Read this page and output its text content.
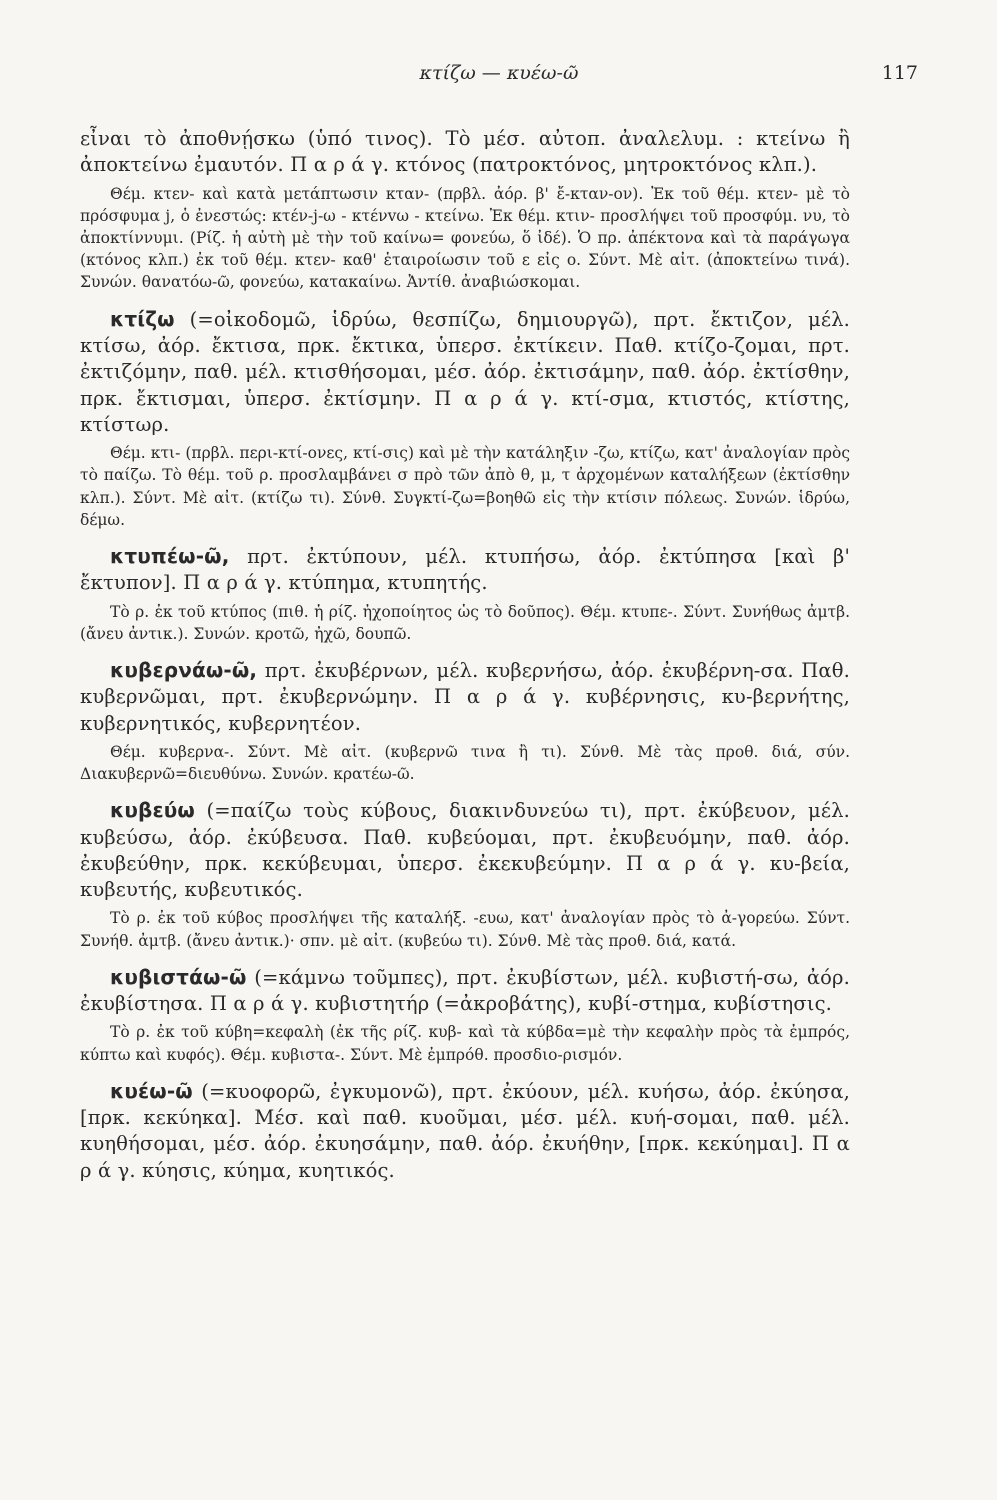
κτίζω — κυέω-ῶ	117

εἶναι τὸ ἀποθνῄσκω (ὑπό τινος). Τὸ μέσ. αὐτοπ. ἀναλελυμ. : κτείνω ἢ ἀποκτείνω ἐμαυτόν. Π α ρ ά γ. κτόνος (πατροκτόνος, μητροκτόνος κλπ.).

Θέμ. κτεν- καὶ κατὰ μετάπτωσιν κταν- (πρβλ. ἀόρ. β' ἔ-κταν-ον). Ἐκ τοῦ θέμ. κτεν- μὲ τὸ πρόσφυμα j, ὁ ἐνεστώς: κτέν-j-ω - κτένvω - κτείνω. Ἐκ θέμ. κτιν- προσλήψει τοῦ προσφύμ. νυ, τὸ ἀποκτίννυμι. (Ρίζ. ἡ αὐτὴ μὲ τὴν τοῦ καίνω= φονεύω, ὅ ἰδέ). Ὁ πρ. ἀπέκτονα καὶ τὰ παράγωγα (κτόνος κλπ.) ἐκ τοῦ θέμ. κτεν- καθ' ἑταιροίωσιν τοῦ ε εἰς ο. Σύντ. Μὲ αἰτ. (ἀποκτείνω τινά). Συνών. θανατόω-ῶ, φονεύω, κατακαίνω. Ἀντίθ. ἀναβιώσκομαι.

κτίζω (=οἰκοδομῶ, ἱδρύω, θεσπίζω, δημιουργῶ), πρτ. ἔκτιζον, μέλ. κτίσω, ἀόρ. ἔκτισα, πρκ. ἔκτικα, ὑπερσ. ἐκτίκειν. Παθ. κτίζο-ζομαι, πρτ. ἐκτιζόμην, παθ. μέλ. κτισθήσομαι, μέσ. ἀόρ. ἐκτισάμην, παθ. ἀόρ. ἐκτίσθην, πρκ. ἔκτισμαι, ὑπερσ. ἐκτίσμην. Π α ρ ά γ. κτί-σμα, κτιστός, κτίστης, κτίστωρ.

Θέμ. κτι- (πρβλ. περι-κτί-ονες, κτί-σις) καὶ μὲ τὴν κατάληξιν -ζω, κτίζω, κατ' ἀναλογίαν πρὸς τὸ παίζω. Τὸ θέμ. τοῦ ρ. προσλαμβάνει σ πρὸ τῶν ἀπὸ θ, μ, τ ἀρχομένων καταλήξεων (ἐκτίσθην κλπ.). Σύντ. Μὲ αἰτ. (κτίζω τι). Σύνθ. Συγκτί-ζω=βοηθῶ εἰς τὴν κτίσιν πόλεως. Συνών. ἱδρύω, δέμω.

κτυπέω-ῶ, πρτ. ἐκτύπουν, μέλ. κτυπήσω, ἀόρ. ἐκτύπησα [καὶ β' ἔκτυπον]. Π α ρ ά γ. κτύπημα, κτυπητής.

Τὸ ρ. ἐκ τοῦ κτύπος (πιθ. ἡ ρίζ. ἠχοποίητος ὡς τὸ δοῦπος). Θέμ. κτυπε-. Σύντ. Συνήθως ἀμτβ. (ἄνευ ἀντικ.). Συνών. κροτῶ, ἠχῶ, δουπῶ.

κυβερνάω-ῶ, πρτ. ἐκυβέρνων, μέλ. κυβερνήσω, ἀόρ. ἐκυβέρνη-σα. Παθ. κυβερνῶμαι, πρτ. ἐκυβερνώμην. Π α ρ ά γ. κυβέρνησις, κυ-βερνήτης, κυβερνητικός, κυβερνητέον.

Θέμ. κυβερνα-. Σύντ. Μὲ αἰτ. (κυβερνῶ τινα ἢ τι). Σύνθ. Μὲ τὰς προθ. διά, σύν. Διακυβερνῶ=διευθύνω. Συνών. κρατέω-ῶ.

κυβεύω (=παίζω τοὺς κύβους, διακινδυνεύω τι), πρτ. ἐκύβευον, μέλ. κυβεύσω, ἀόρ. ἐκύβευσα. Παθ. κυβεύομαι, πρτ. ἐκυβευόμην, παθ. ἀόρ. ἐκυβεύθην, πρκ. κεκύβευμαι, ὑπερσ. ἐκεκυβεύμην. Π α ρ ά γ. κυ-βεία, κυβευτής, κυβευτικός.

Τὸ ρ. ἐκ τοῦ κύβος προσλήψει τῆς καταλήξ. -ευω, κατ' ἀναλογίαν πρὸς τὸ ἀ-γορεύω. Σύντ. Συνήθ. ἀμτβ. (ἄνευ ἀντικ.)· σπν. μὲ αἰτ. (κυβεύω τι). Σύνθ. Μὲ τὰς προθ. διά, κατά.

κυβιστάω-ῶ (=κάμνω τοῦμπες), πρτ. ἐκυβίστων, μέλ. κυβιστή-σω, ἀόρ. ἐκυβίστησα. Π α ρ ά γ. κυβιστητήρ (=ἀκροβάτης), κυβί-στημα, κυβίστησις.

Τὸ ρ. ἐκ τοῦ κύβη=κεφαλὴ (ἐκ τῆς ρίζ. κυβ- καὶ τὰ κύβδα=μὲ τὴν κεφαλὴν πρὸς τὰ ἐμπρός, κύπτω καὶ κυφός). Θέμ. κυβιστα-. Σύντ. Μὲ ἐμπρόθ. προσδιο-ρισμόν.

κυέω-ῶ (=κυοφορῶ, ἐγκυμονῶ), πρτ. ἐκύουν, μέλ. κυήσω, ἀόρ. ἐκύησα, [πρκ. κεκύηκα]. Μέσ. καὶ παθ. κυοῦμαι, μέσ. μέλ. κυή-σομαι, παθ. μέλ. κυηθήσομαι, μέσ. ἀόρ. ἐκυησάμην, παθ. ἀόρ. ἐκυήθην, [πρκ. κεκύημαι]. Π α ρ ά γ. κύησις, κύημα, κυητικός.
